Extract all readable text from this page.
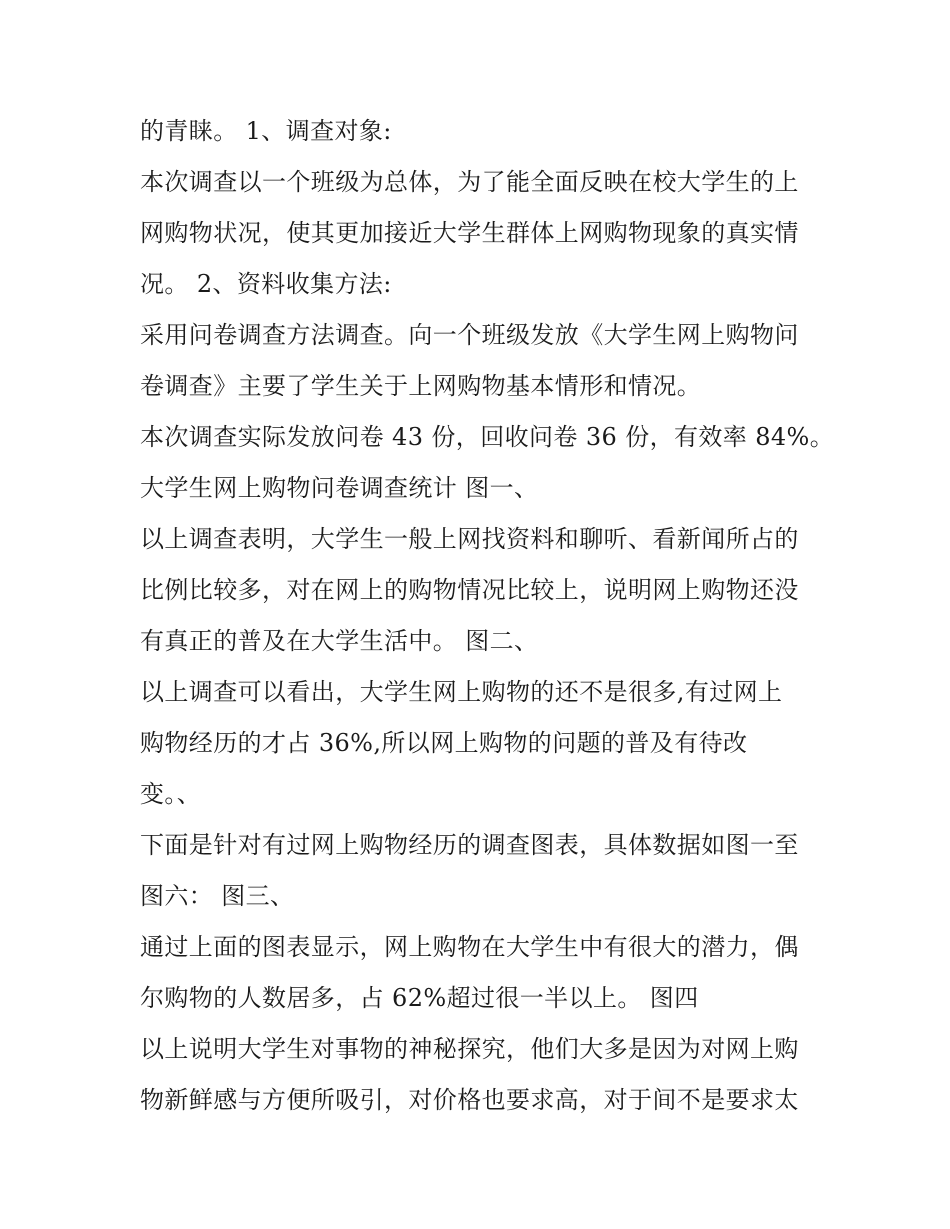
的青睐。 1、调查对象:
本次调查以一个班级为总体，为了能全面反映在校大学生的上
网购物状况，使其更加接近大学生群体上网购物现象的真实情
况。 2、资料收集方法:
采用问卷调查方法调查。向一个班级发放《大学生网上购物问
卷调查》主要了学生关于上网购物基本情形和情况。
本次调查实际发放问卷 43 份，回收问卷 36 份，有效率 84%。
大学生网上购物问卷调查统计 图一、
以上调查表明，大学生一般上网找资料和聊听、看新闻所占的
比例比较多，对在网上的购物情况比较上，说明网上购物还没
有真正的普及在大学生活中。 图二、
以上调查可以看出，大学生网上购物的还不是很多,有过网上
购物经历的才占 36%,所以网上购物的问题的普及有待改
变。、
下面是针对有过网上购物经历的调查图表，具体数据如图一至
图六： 图三、
通过上面的图表显示，网上购物在大学生中有很大的潜力，偶
尔购物的人数居多，占 62%超过很一半以上。 图四
以上说明大学生对事物的神秘探究，他们大多是因为对网上购
物新鲜感与方便所吸引，对价格也要求高，对于间不是要求太
